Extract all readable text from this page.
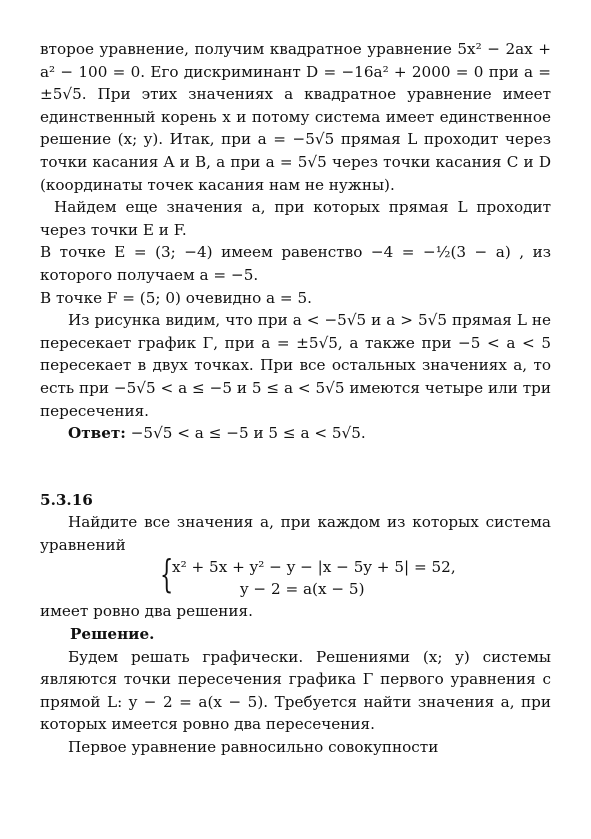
второе уравнение, получим квадратное уравнение 5x² − 2ax + a² − 100 = 0. Его дискриминант D = −16a² + 2000 = 0 при a = ±5√5. При этих значениях a квадратное уравнение имеет единственный корень x и потому система имеет единственное решение (x; y). Итак, при a = −5√5 прямая L проходит через точки касания A и B, а при a = 5√5 через точки касания C и D (координаты точек касания нам не нужны).

Найдем еще значения a, при которых прямая L проходит через точки E и F.

В точке E = (3; −4) имеем равенство −4 = −½(3 − a) , из которого получаем a = −5.

В точке F = (5; 0) очевидно a = 5.

Из рисунка видим, что при a < −5√5 и a > 5√5 прямая L не пересекает график Γ, при a = ±5√5, а также при −5 < a < 5 пересекает в двух точках. При все остальных значениях a, то есть при −5√5 < a ≤ −5 и 5 ≤ a < 5√5 имеются четыре или три пересечения.

Ответ: −5√5 < a ≤ −5 и 5 ≤ a < 5√5.

5.3.16

Найдите все значения a, при каждом из которых система уравнений

{
x² + 5x + y² − y − |x − 5y + 5| = 52,
y − 2 = a(x − 5)

имеет ровно два решения.

Решение.

Будем решать графически. Решениями (x; y) системы являются точки пересечения графика Γ первого уравнения с прямой L: y − 2 = a(x − 5). Требуется найти значения a, при которых имеется ровно два пересечения.

Первое уравнение равносильно совокупности
